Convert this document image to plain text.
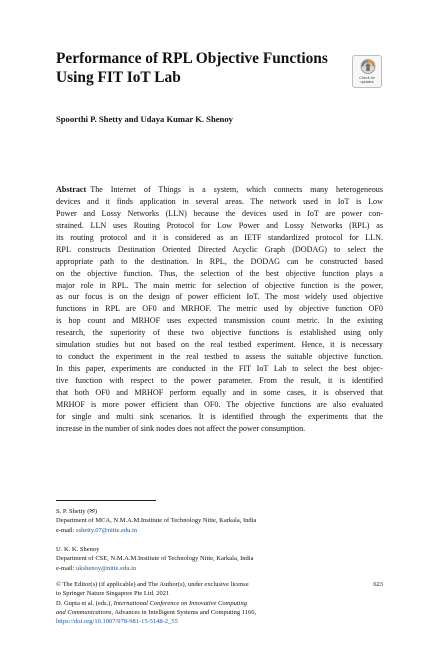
Performance of RPL Objective Functions
Using FIT IoT Lab	Check for
updates
Spoorthi P. Shetty and Udaya Kumar K. Shenoy
Abstract The Internet of Things is a system, which connects many heterogeneous
devices and it finds application in several areas. The network used in IoT is Low
Power and Lossy Networks (LLN) because the devices used in IoT are power con-
strained. LLN uses Routing Protocol for Low Power and Lossy Networks (RPL) as
its routing protocol and it is considered as an IETF standardized protocol for LLN.
RPL constructs Destination Oriented Directed Acyclic Graph (DODAG) to select the
appropriate path to the destination. In RPL, the DODAG can be constructed based
on the objective function. Thus, the selection of the best objective function plays a
major role in RPL. The main metric for selection of objective function is the power,
as our focus is on the design of power efficient IoT. The most widely used objective
functions in RPL are OF0 and MRHOF. The metric used by objective function OF0
is hop count and MRHOF uses expected transmission count metric. In the existing
research, the superiority of these two objective functions is established using only
simulation studies but not based on the real testbed experiment. Hence, it is necessary
to conduct the experiment in the real testbed to assess the suitable objective function.
In this paper, experiments are conducted in the FIT IoT Lab to select the best objec-
tive function with respect to the power parameter. From the result, it is identified
that both OF0 and MRHOF perform equally and in some cases, it is observed that
MRHOF is more power efficient than OF0. The objective functions are also evaluated
for single and multi sink scenarios. It is identified through the experiments that the
increase in the number of sink nodes does not affect the power consumption.
S. P. Shetty (✉)
Department of MCA, N.M.A.M.Institute of Technology Nitte, Karkala, India
e-mail: sshetty.07@nitte.edu.in
U. K. K. Shenoy
Department of CSE, N.M.A.M.Institute of Technology Nitte, Karkala, India
e-mail: ukshenoy@nitte.edu.in
© The Editor(s) (if applicable) and The Author(s), under exclusive license	623
to Springer Nature Singapore Pte Ltd. 2021
D. Gupta et al. (eds.), International Conference on Innovative Computing
and Communications, Advances in Intelligent Systems and Computing 1166,
https://doi.org/10.1007/978-981-15-5148-2_55
